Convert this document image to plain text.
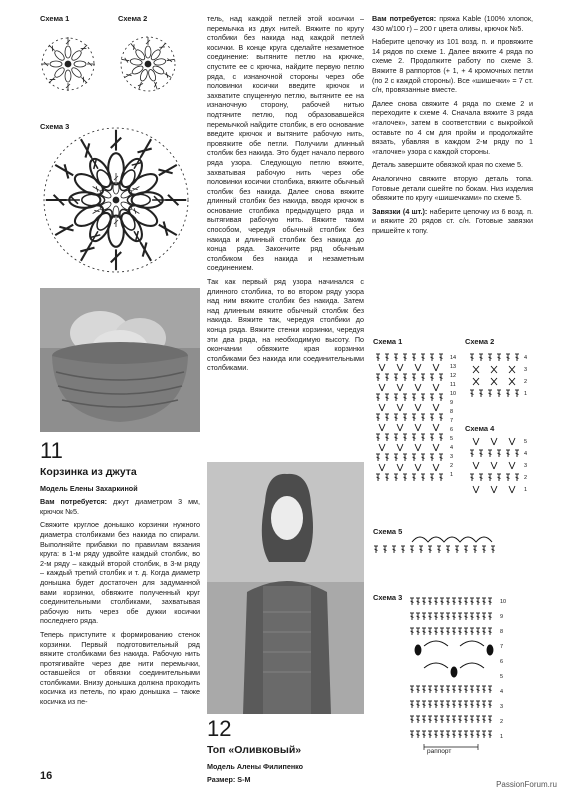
Схема 1	Схема 2
Схема 3
11
Корзинка из джута
Модель Елены Захаркиной

Вам потребуется: джут диаметром 3 мм, крючок №5.

Свяжите круглое донышко корзинки нужного диаметра столбиками без накида по спирали. Выполняйте прибавки по правилам вязания круга: в 1-м ряду удвойте каждый столбик, во 2-м ряду – каждый второй столбик, в 3-м ряду – каждый третий столбик и т. д. Когда диаметр донышка будет достаточен для задуманной вами корзинки, обвяжите полученный круг соединительными столбиками, захватывая рабочую нить через обе дужки косички последнего ряда.

Теперь приступите к формированию стенок корзинки. Первый подготовительный ряд вяжите столбиками без накида. Рабочую нить протягивайте через две нити перемычки, оставшейся от обвязки соединительными столбиками. Внизу донышка должна проходить косичка из петель, по краю донышка – также косичка из пе-

тель, над каждой петлей этой косички – перемычка из двух нитей. Вяжите по кругу столбики без накида над каждой петлей косички. В конце круга сделайте незаметное соединение: вытяните петлю на крючке, спустите ее с крючка, найдите первую петлю ряда, с изнаночной стороны через обе половинки косички введите крючок и захватите спущенную петлю, вытяните ее на изнаночную сторону, рабочей нитью подтяните петлю, под образовавшейся перемычкой найдите столбик, в его основание введите крючок и вытяните рабочую нить, провяжите обе петли. Получили длинный столбик без накида. Это будет начало первого ряда узора. Следующую петлю вяжите, захватывая рабочую нить через обе половинки косички столбика, вяжите обычный столбик без накида. Далее снова вяжите длинный столбик без накида, вводя крючок в основание столбика предыдущего ряда и вытягивая рабочую нить. Вяжите таким способом, чередуя обычный столбик без накида и длинный столбик без накида до конца ряда. Закончите ряд обычным столбиком без накида и незаметным соединением.

Так как первый ряд узора начинался с длинного столбика, то во втором ряду узора над ним вяжите столбик без накида. Затем над длинным вяжите обычный столбик без накида. Вяжите так, чередуя столбики до конца ряда. Вяжите стенки корзинки, чередуя эти два ряда, на необходимую высоту. По окончании обвяжите края корзинки столбиками без накида или соединительными столбиками.

12
Топ «Оливковый»
Модель Алены Филипенко
Размер: S-M

Вам потребуется: пряжа Kable (100% хлопок, 430 м/100 г) – 200 г цвета оливы, крючок №5.

Наберите цепочку из 101 возд. п. и провяжите 14 рядов по схеме 1. Далее вяжите 4 ряда по схеме 2. Продолжите работу по схеме 3. Вяжите 8 раппортов (+ 1, + 4 кромочных петли (по 2 с каждой стороны). Все «шишечки» = 7 ст. с/н, провязанные вместе.

Далее снова свяжите 4 ряда по схеме 2 и переходите к схеме 4. Сначала вяжите 3 ряда «галочек», затем в соответствии с выкройкой оставьте по 4 см для пройм и продолжайте вязать, убавляя в каждом 2-м ряду по 1 «галочке» узора с каждой стороны.

Деталь завершите обвязкой края по схеме 5.

Аналогично свяжите вторую деталь топа. Готовые детали сшейте по бокам. Низ изделия обвяжите по кругу «шишечками» по схеме 5.

Завязки (4 шт.): наберите цепочку из 6 возд. п. и вяжите 20 рядов ст. с/н. Готовые завязки пришейте к топу.

Схема 1	Схема 2
Схема 4
Схема 5
Схема 3
14
13
12
11
10
9
8
7
6
5
4
3
2
1
4
3
2
1
5
4
3
2
1
10
9
8
7
6
5
4
3
2
1
раппорт
16
PassionForum.ru
